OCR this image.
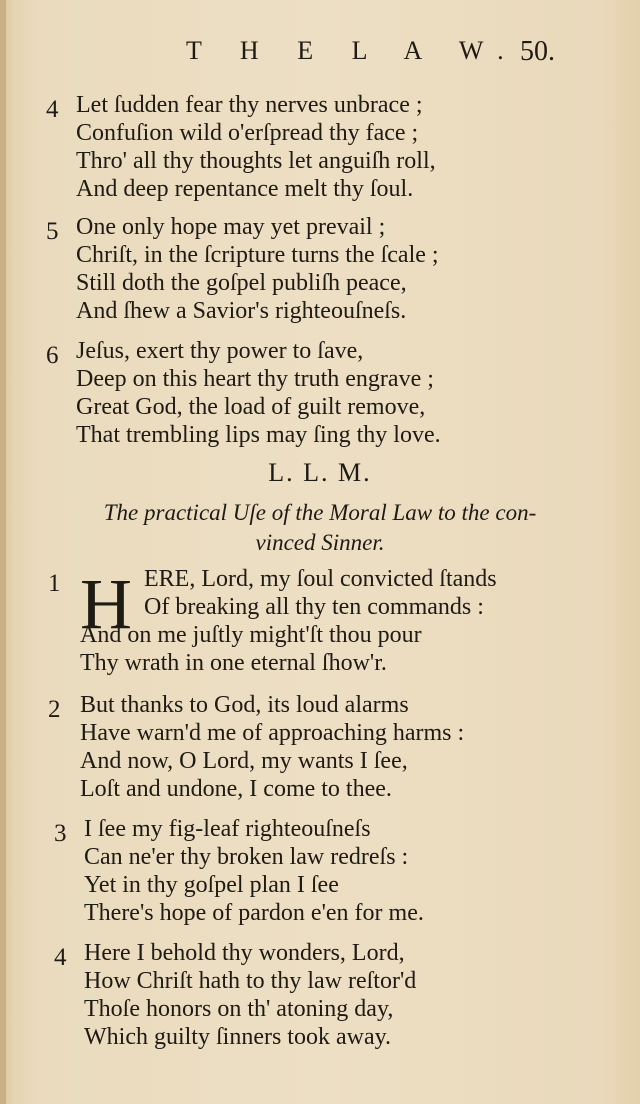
T H E L A W. 50.
4 Let ſudden fear thy nerves unbrace ;
Confuſion wild o'erſpread thy face ;
Thro' all thy thoughts let anguiſh roll,
And deep repentance melt thy ſoul.
5 One only hope may yet prevail ;
Chriſt, in the ſcripture turns the ſcale ;
Still doth the goſpel publiſh peace,
And ſhew a Savior's righteouſneſs.
6 Jeſus, exert thy power to ſave,
Deep on this heart thy truth engrave ;
Great God, the load of guilt remove,
That trembling lips may ſing thy love.
L. L. M.
The practical Uſe of the Moral Law to the con-
vinced Sinner.
1	ERE, Lord, my ſoul convicted ſtands
Of breaking all thy ten commands :
And on me juſtly might'ſt thou pour
Thy wrath in one eternal ſhow'r.
H
2 But thanks to God, its loud alarms
Have warn'd me of approaching harms :
And now, O Lord, my wants I ſee,
Loſt and undone, I come to thee.
3 I ſee my fig-leaf righteouſneſs
Can ne'er thy broken law redreſs :
Yet in thy goſpel plan I ſee
There's hope of pardon e'en for me.
4 Here I behold thy wonders, Lord,
How Chriſt hath to thy law reſtor'd
Thoſe honors on th' atoning day,
Which guilty ſinners took away.
